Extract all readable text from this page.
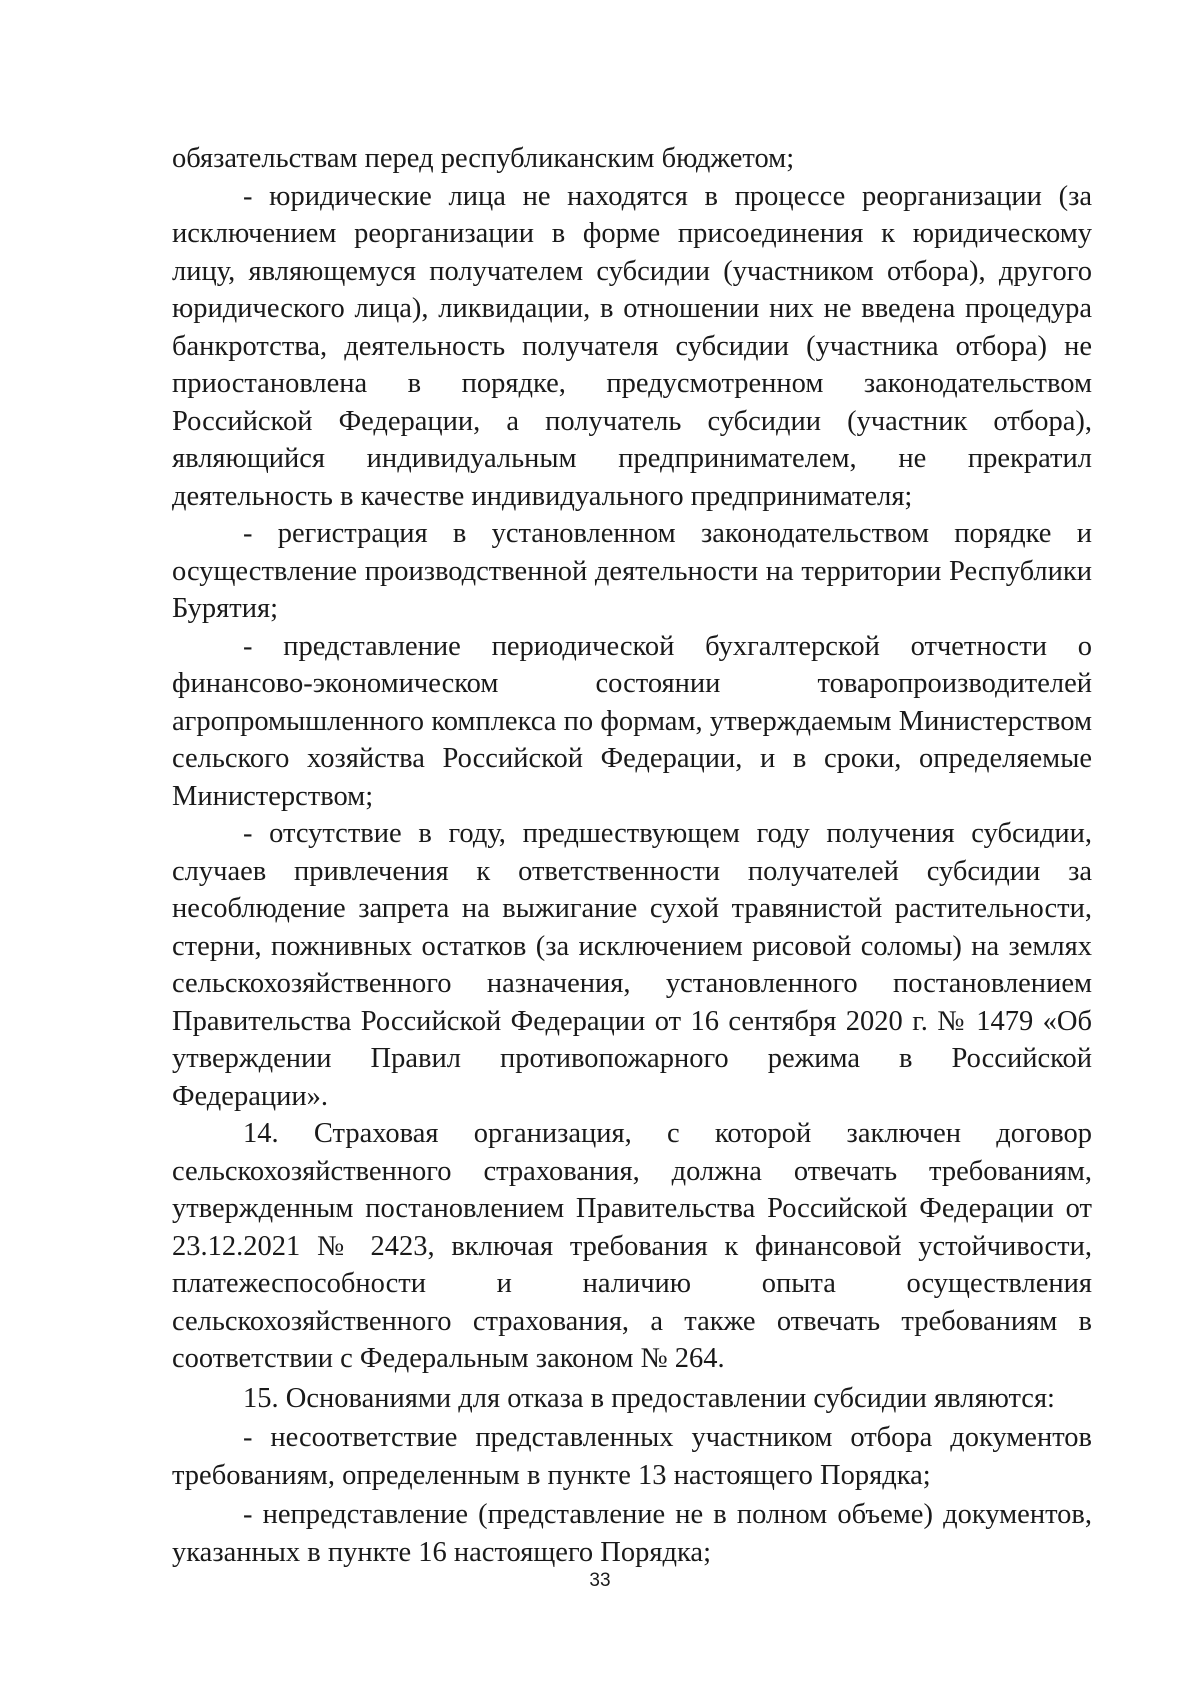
обязательствам перед республиканским бюджетом;

- юридические лица не находятся в процессе реорганизации (за исключением реорганизации в форме присоединения к юридическому лицу, являющемуся получателем субсидии (участником отбора), другого юридического лица), ликвидации, в отношении них не введена процедура банкротства, деятельность получателя субсидии (участника отбора) не приостановлена в порядке, предусмотренном законодательством Российской Федерации, а получатель субсидии (участник отбора), являющийся индивидуальным предпринимателем, не прекратил деятельность в качестве индивидуального предпринимателя;

- регистрация в установленном законодательством порядке и осуществление производственной деятельности на территории Республики Бурятия;

- представление периодической бухгалтерской отчетности о финансово-экономическом состоянии товаропроизводителей агропромышленного комплекса по формам, утверждаемым Министерством сельского хозяйства Российской Федерации, и в сроки, определяемые Министерством;

- отсутствие в году, предшествующем году получения субсидии, случаев привлечения к ответственности получателей субсидии за несоблюдение запрета на выжигание сухой травянистой растительности, стерни, пожнивных остатков (за исключением рисовой соломы) на землях сельскохозяйственного назначения, установленного постановлением Правительства Российской Федерации от 16 сентября 2020 г. № 1479 «Об утверждении Правил противопожарного режима в Российской Федерации».

14. Страховая организация, с которой заключен договор сельскохозяйственного страхования, должна отвечать требованиям, утвержденным постановлением Правительства Российской Федерации от 23.12.2021 № 2423, включая требования к финансовой устойчивости, платежеспособности и наличию опыта осуществления сельскохозяйственного страхования, а также отвечать требованиям в соответствии с Федеральным законом № 264.

15. Основаниями для отказа в предоставлении субсидии являются:

- несоответствие представленных участником отбора документов требованиям, определенным в пункте 13 настоящего Порядка;

- непредставление (представление не в полном объеме) документов, указанных в пункте 16 настоящего Порядка;

33
